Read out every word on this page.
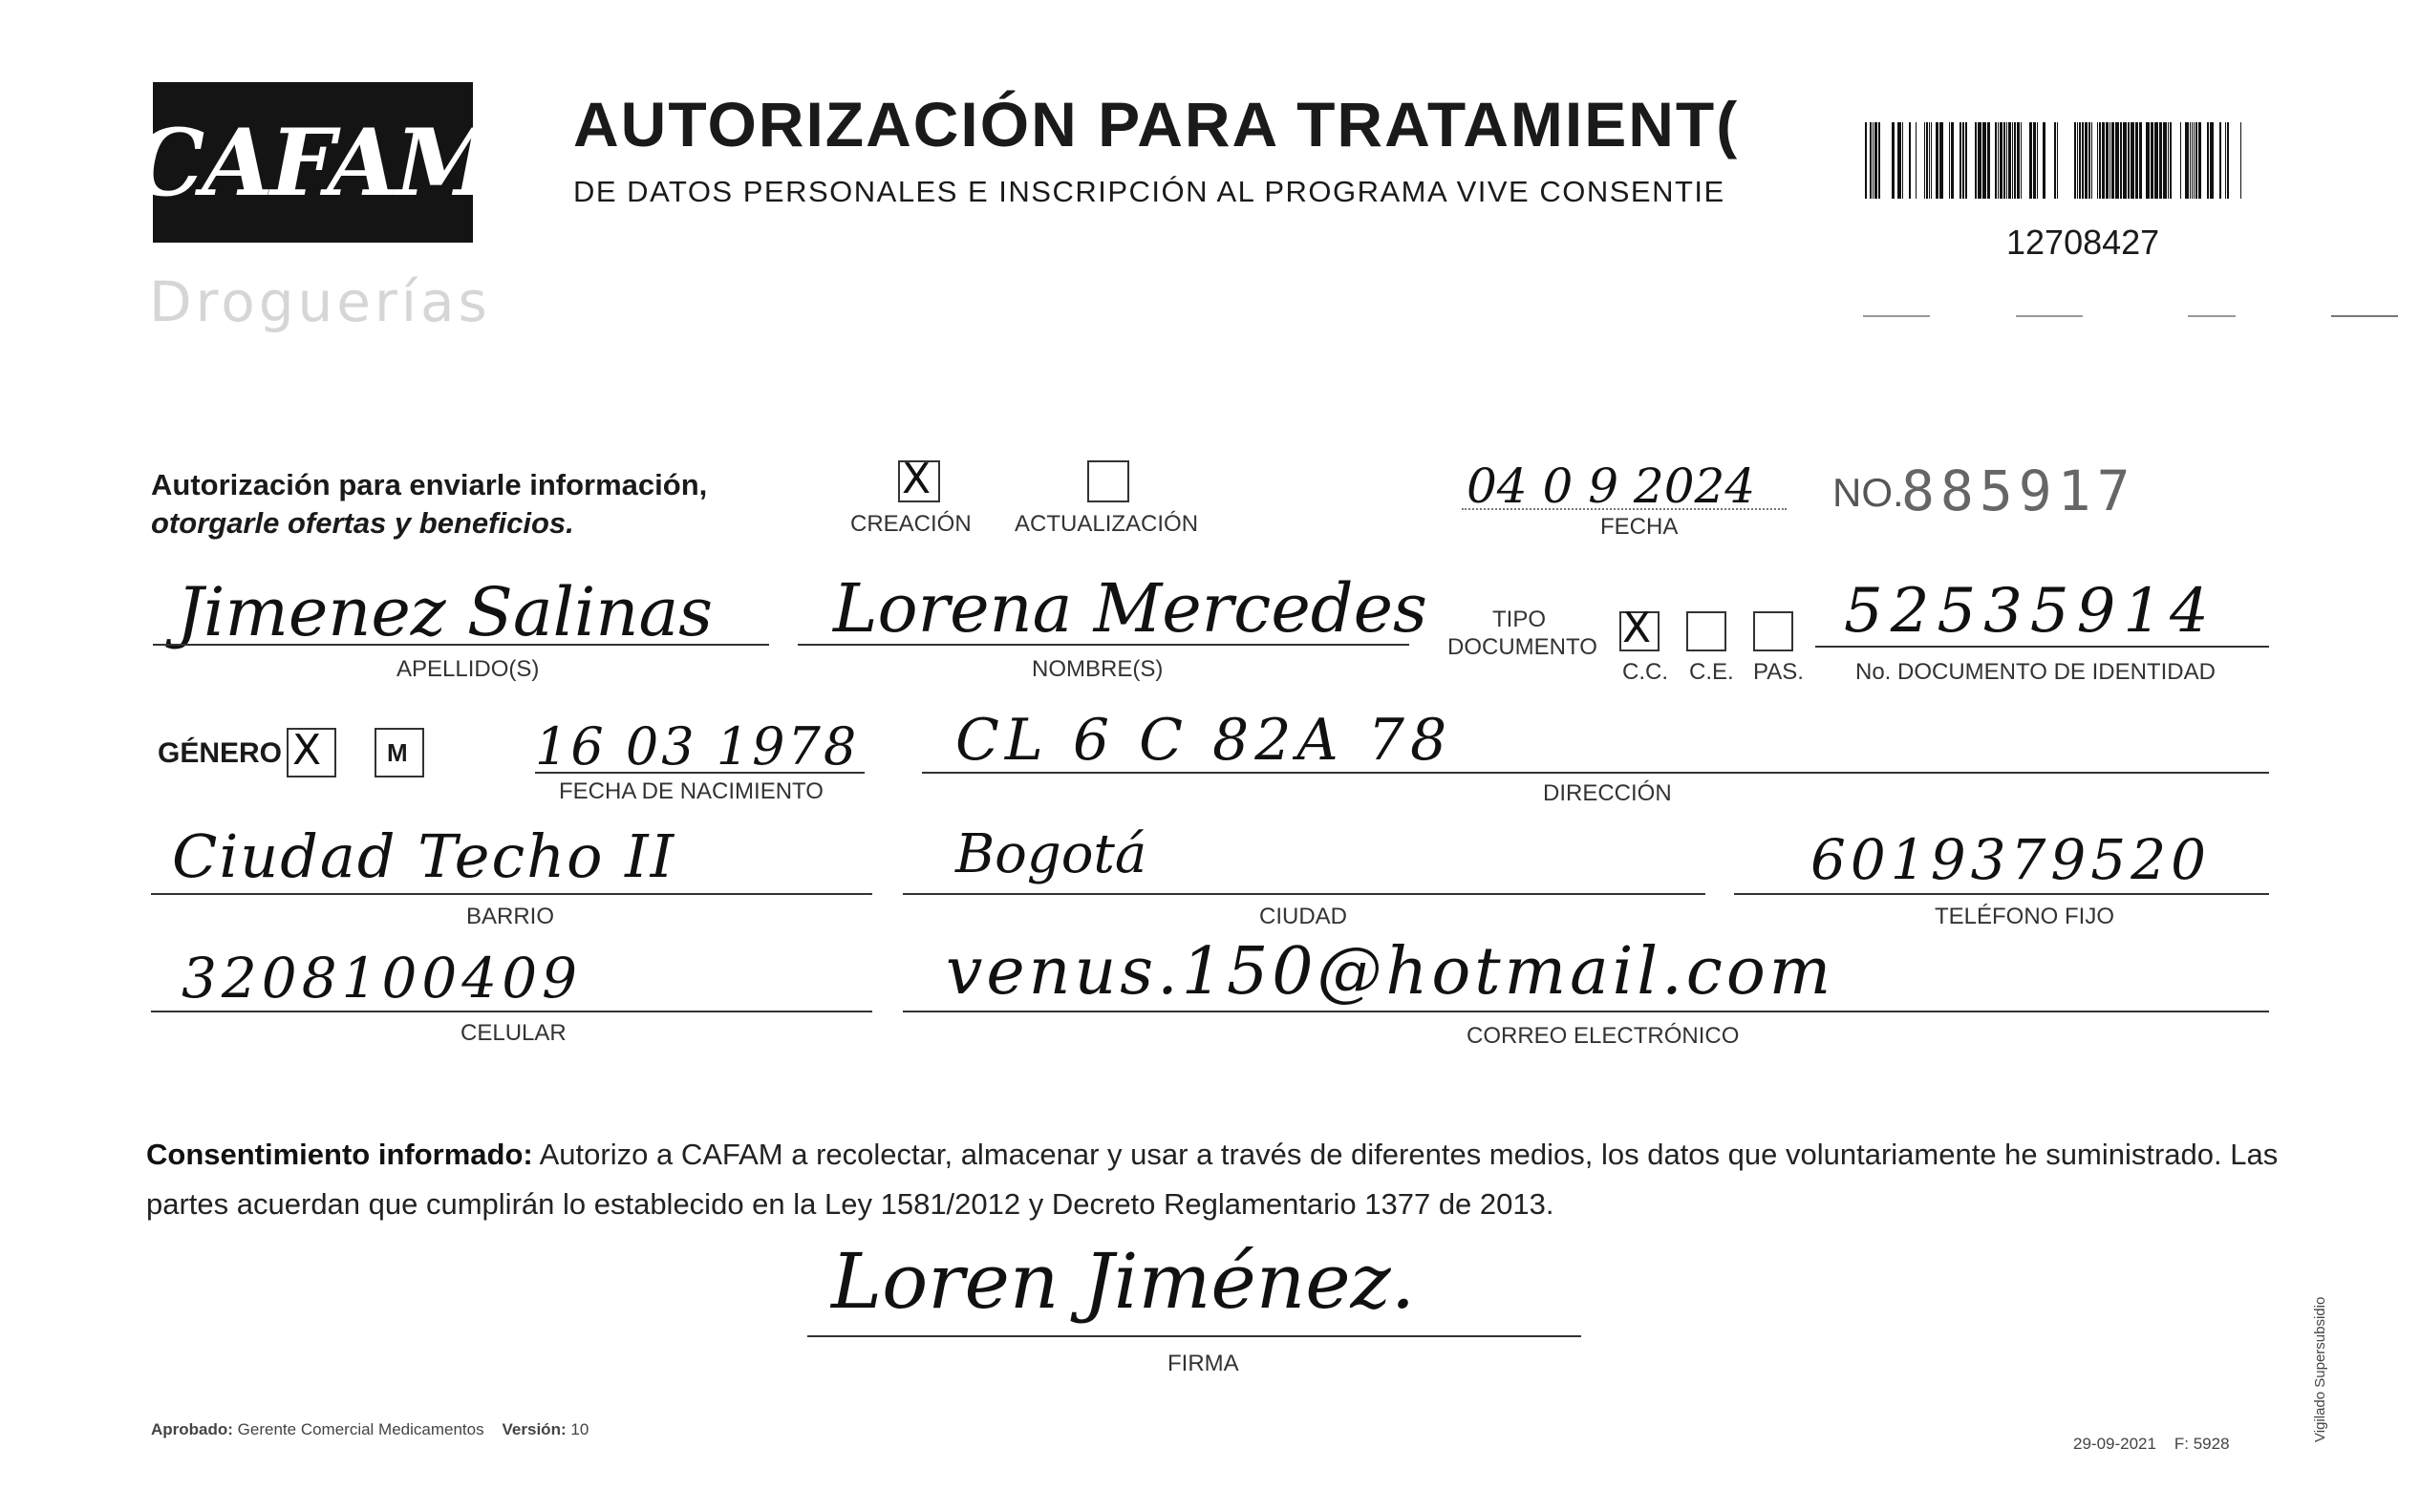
CAFAM
Droguerías
AUTORIZACIÓN PARA TRATAMIENT(
DE DATOS PERSONALES E INSCRIPCIÓN AL PROGRAMA VIVE CONSENTIE
12708427
Autorización para enviarle información,
otorgarle ofertas y beneficios.
X
CREACIÓN ACTUALIZACIÓN
04 0 9 2024
FECHA
NO.
885917
Jimenez Salinas
APELLIDO(S)
Lorena Mercedes
NOMBRE(S)
TIPO
DOCUMENTO X
C.C. C.E. PAS.
52535914
No. DOCUMENTO DE IDENTIDAD
GÉNERO X	M 16 03 1978
FECHA DE NACIMIENTO
CL 6 C 82A 78
DIRECCIÓN
Ciudad Techo II
BARRIO
Bogotá
CIUDAD
6019379520
TELÉFONO FIJO
3208100409
CELULAR
venus.150@hotmail.com
CORREO ELECTRÓNICO
Consentimiento informado: Autorizo a CAFAM a recolectar, almacenar y usar a través de diferentes medios, los datos que voluntariamente he suministrado. Las partes acuerdan que cumplirán lo establecido en la Ley 1581/2012 y Decreto Reglamentario 1377 de 2013.
Loren Jiménez.
FIRMA
Aprobado: Gerente Comercial Medicamentos Versión: 10
29-09-2021 F: 5928
Vigilado Supersubsidio
